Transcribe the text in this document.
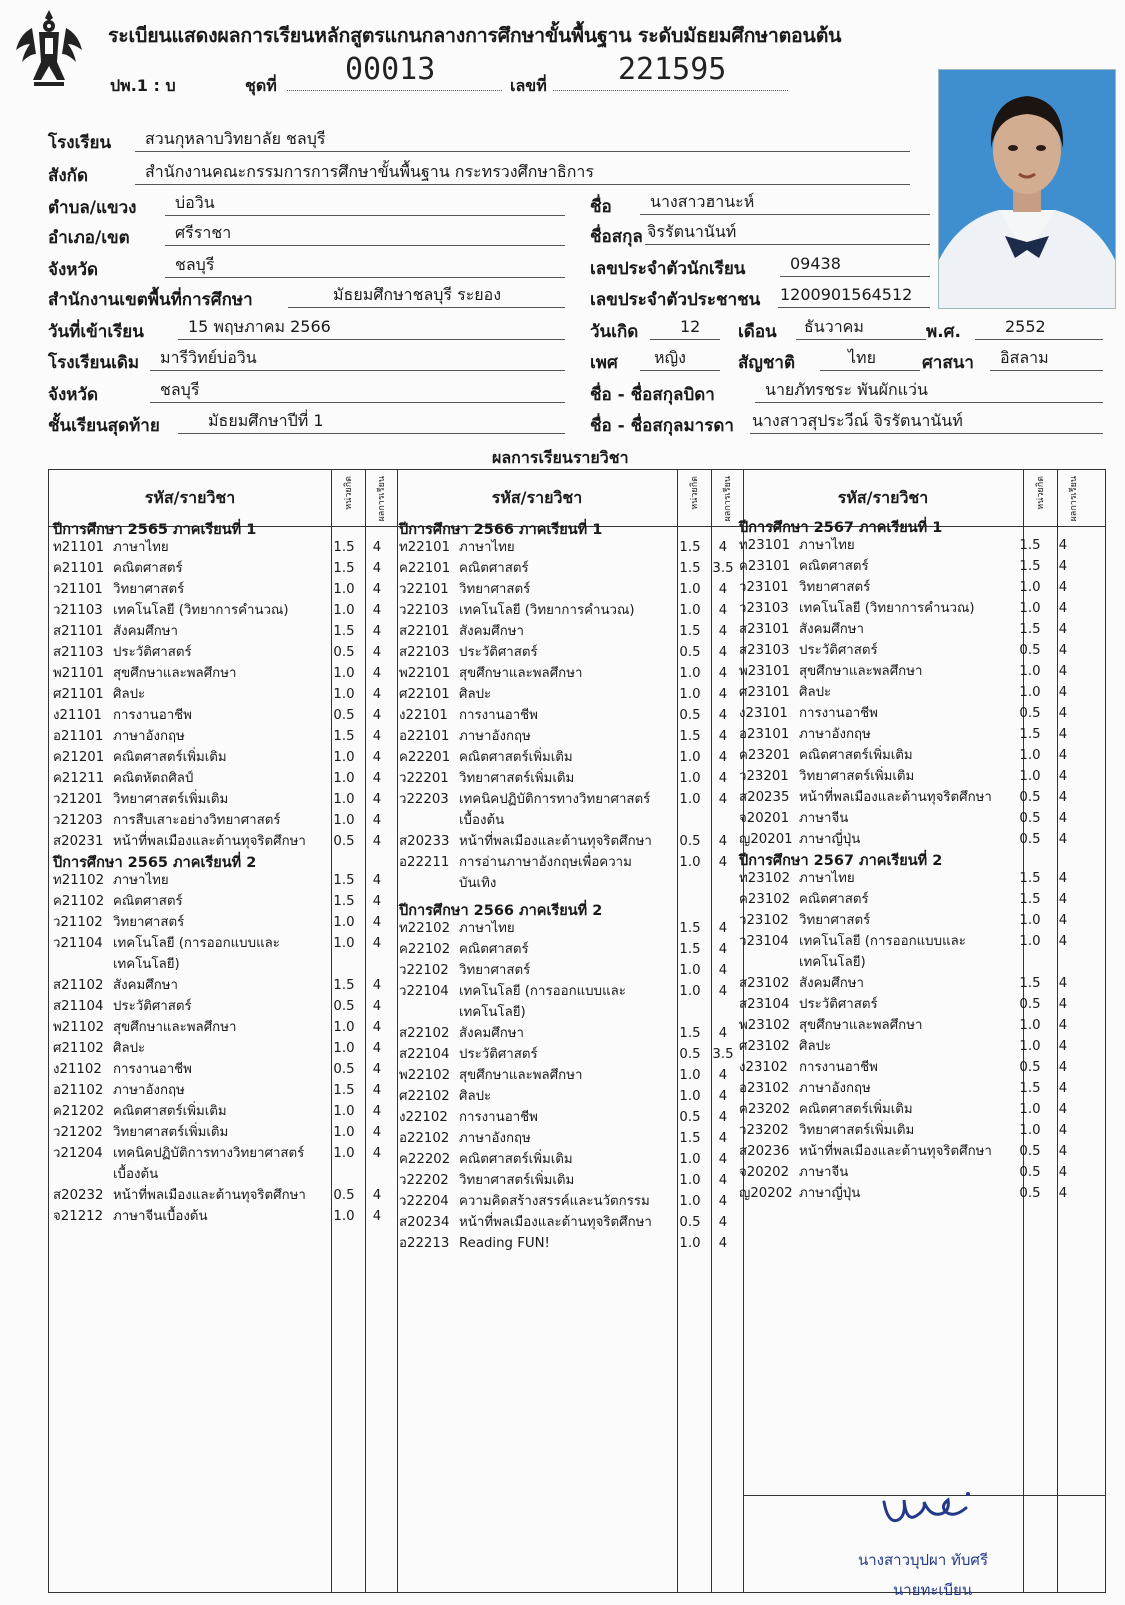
ระเบียนแสดงผลการเรียนหลักสูตรแกนกลางการศึกษาขั้นพื้นฐาน ระดับมัธยมศึกษาตอนต้น
ปพ.1 : บ	ชุดที่ 00013	เลขที่ 221595
โรงเรียน	สวนกุหลาบวิทยาลัย ชลบุรี
สังกัด	สำนักงานคณะกรรมการการศึกษาขั้นพื้นฐาน กระทรวงศึกษาธิการ
ตำบล/แขวง	บ่อวิน
อำเภอ/เขต	ศรีราชา
จังหวัด	ชลบุรี
สำนักงานเขตพื้นที่การศึกษา	มัธยมศึกษาชลบุรี ระยอง
วันที่เข้าเรียน	15 พฤษภาคม 2566
โรงเรียนเดิม	มารีวิทย์บ่อวิน
จังหวัด	ชลบุรี
ชั้นเรียนสุดท้าย	มัธยมศึกษาปีที่ 1
ชื่อ	นางสาวฮานะห์
ชื่อสกุล จิรรัตนานันท์
เลขประจำตัวนักเรียน	09438
เลขประจำตัวประชาชน 1200901564512
วันเกิด	12	เดือน	ธันวาคม	พ.ศ.	2552
เพศ	หญิง	สัญชาติ	ไทย	ศาสนา	อิสลาม
ชื่อ - ชื่อสกุลบิดา	นายภัทรชระ พันผักแว่น
ชื่อ - ชื่อสกุลมารดา นางสาวสุประวีณ์ จิรรัตนานันท์
ผลการเรียนรายวิชา
รหัส/รายวิชา	รหัส/รายวิชา	รหัส/รายวิชา
หน่วยกิต	ผลการเรียน	หน่วยกิต	ผลการเรียน	หน่วยกิต	ผลการเรียน
ปีการศึกษา 2565 ภาคเรียนที่ 1
ท21101 ภาษาไทย	1.5	4
ค21101 คณิตศาสตร์	1.5	4
ว21101 วิทยาศาสตร์	1.0	4
ว21103 เทคโนโลยี (วิทยาการคำนวณ)	1.0	4
ส21101 สังคมศึกษา	1.5	4
ส21103 ประวัติศาสตร์	0.5	4
พ21101 สุขศึกษาและพลศึกษา	1.0	4
ศ21101 ศิลปะ	1.0	4
ง21101 การงานอาชีพ	0.5	4
อ21101 ภาษาอังกฤษ	1.5	4
ค21201 คณิตศาสตร์เพิ่มเติม	1.0	4
ค21211 คณิตหัตถศิลป์	1.0	4
ว21201 วิทยาศาสตร์เพิ่มเติม	1.0	4
ว21203 การสืบเสาะอย่างวิทยาศาสตร์	1.0	4
ส20231 หน้าที่พลเมืองและต้านทุจริตศึกษา	0.5	4
ปีการศึกษา 2565 ภาคเรียนที่ 2
ท21102 ภาษาไทย	1.5	4
ค21102 คณิตศาสตร์	1.5	4
ว21102 วิทยาศาสตร์	1.0	4
ว21104 เทคโนโลยี (การออกแบบและ	1.0	4
เทคโนโลยี)
ส21102 สังคมศึกษา	1.5	4
ส21104 ประวัติศาสตร์	0.5	4
พ21102 สุขศึกษาและพลศึกษา	1.0	4
ศ21102 ศิลปะ	1.0	4
ง21102 การงานอาชีพ	0.5	4
อ21102 ภาษาอังกฤษ	1.5	4
ค21202 คณิตศาสตร์เพิ่มเติม	1.0	4
ว21202 วิทยาศาสตร์เพิ่มเติม	1.0	4
ว21204 เทคนิคปฏิบัติการทางวิทยาศาสตร์	1.0	4
เบื้องต้น
ส20232 หน้าที่พลเมืองและต้านทุจริตศึกษา	0.5	4
จ21212 ภาษาจีนเบื้องต้น	1.0	4
ปีการศึกษา 2566 ภาคเรียนที่ 1
ท22101 ภาษาไทย	1.5	4
ค22101 คณิตศาสตร์	1.5 3.5
ว22101 วิทยาศาสตร์	1.0	4
ว22103 เทคโนโลยี (วิทยาการคำนวณ)	1.0	4
ส22101 สังคมศึกษา	1.5	4
ส22103 ประวัติศาสตร์	0.5	4
พ22101 สุขศึกษาและพลศึกษา	1.0	4
ศ22101 ศิลปะ	1.0	4
ง22101 การงานอาชีพ	0.5	4
อ22101 ภาษาอังกฤษ	1.5	4
ค22201 คณิตศาสตร์เพิ่มเติม	1.0	4
ว22201 วิทยาศาสตร์เพิ่มเติม	1.0	4
ว22203 เทคนิคปฏิบัติการทางวิทยาศาสตร์	1.0	4
เบื้องต้น
ส20233 หน้าที่พลเมืองและต้านทุจริตศึกษา	0.5	4
อ22211 การอ่านภาษาอังกฤษเพื่อความ	1.0	4
บันเทิง
ปีการศึกษา 2566 ภาคเรียนที่ 2
ท22102 ภาษาไทย	1.5	4
ค22102 คณิตศาสตร์	1.5	4
ว22102 วิทยาศาสตร์	1.0	4
ว22104 เทคโนโลยี (การออกแบบและ	1.0	4
เทคโนโลยี)
ส22102 สังคมศึกษา	1.5	4
ส22104 ประวัติศาสตร์	0.5 3.5
พ22102 สุขศึกษาและพลศึกษา	1.0	4
ศ22102 ศิลปะ	1.0	4
ง22102 การงานอาชีพ	0.5	4
อ22102 ภาษาอังกฤษ	1.5	4
ค22202 คณิตศาสตร์เพิ่มเติม	1.0	4
ว22202 วิทยาศาสตร์เพิ่มเติม	1.0	4
ว22204 ความคิดสร้างสรรค์และนวัตกรรม	1.0	4
ส20234 หน้าที่พลเมืองและต้านทุจริตศึกษา	0.5	4
อ22213 Reading FUN!	1.0	4
ปีการศึกษา 2567 ภาคเรียนที่ 1
ท23101 ภาษาไทย	1.5	4
ค23101 คณิตศาสตร์	1.5	4
ว23101 วิทยาศาสตร์	1.0	4
ว23103 เทคโนโลยี (วิทยาการคำนวณ)	1.0	4
ส23101 สังคมศึกษา	1.5	4
ส23103 ประวัติศาสตร์	0.5	4
พ23101 สุขศึกษาและพลศึกษา	1.0	4
ศ23101 ศิลปะ	1.0	4
ง23101 การงานอาชีพ	0.5	4
อ23101 ภาษาอังกฤษ	1.5	4
ค23201 คณิตศาสตร์เพิ่มเติม	1.0	4
ว23201 วิทยาศาสตร์เพิ่มเติม	1.0	4
ส20235 หน้าที่พลเมืองและต้านทุจริตศึกษา	0.5	4
จ20201 ภาษาจีน	0.5	4
ญ20201 ภาษาญี่ปุ่น	0.5	4
ปีการศึกษา 2567 ภาคเรียนที่ 2
ท23102 ภาษาไทย	1.5	4
ค23102 คณิตศาสตร์	1.5	4
ว23102 วิทยาศาสตร์	1.0	4
ว23104 เทคโนโลยี (การออกแบบและ	1.0	4
เทคโนโลยี)
ส23102 สังคมศึกษา	1.5	4
ส23104 ประวัติศาสตร์	0.5	4
พ23102 สุขศึกษาและพลศึกษา	1.0	4
ศ23102 ศิลปะ	1.0	4
ง23102 การงานอาชีพ	0.5	4
อ23102 ภาษาอังกฤษ	1.5	4
ค23202 คณิตศาสตร์เพิ่มเติม	1.0	4
ว23202 วิทยาศาสตร์เพิ่มเติม	1.0	4
ส20236 หน้าที่พลเมืองและต้านทุจริตศึกษา	0.5	4
จ20202 ภาษาจีน	0.5	4
ญ20202 ภาษาญี่ปุ่น	0.5	4
นางสาวบุปผา ทับศรี
นายทะเบียน
